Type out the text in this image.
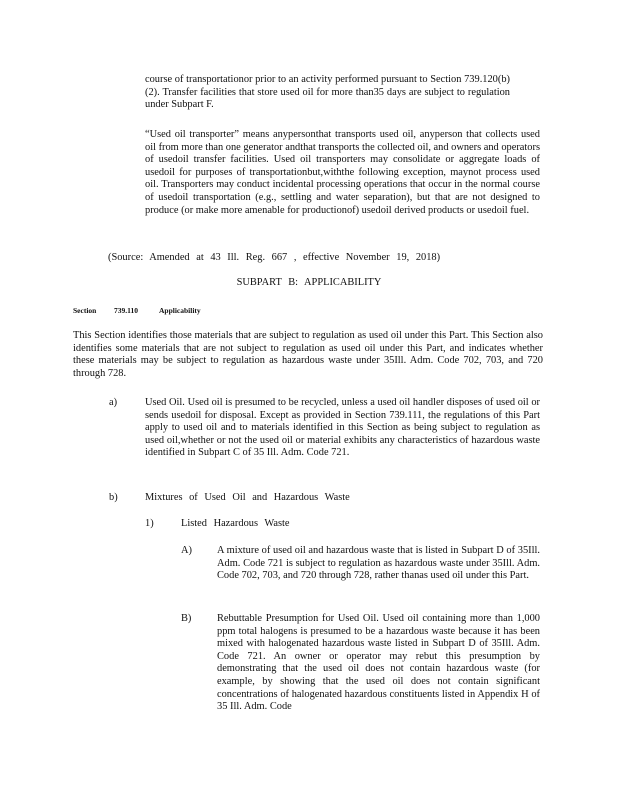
course of transportationor prior to an activity performed pursuant to Section 739.120(b)(2). Transfer facilities that store used oil for more than35 days are subject to regulation under Subpart F.

“Used oil transporter” means anypersonthat transports used oil, anyperson that collects used oil from more than one generator andthat transports the collected oil, and owners and operators of usedoil transfer facilities. Used oil transporters may consolidate or aggregate loads of usedoil for purposes of transportationbut,withthe following exception, maynot process used oil. Transporters may conduct incidental processing operations that occur in the normal course of usedoil transportation (e.g., settling and water separation), but that are not designed to produce (or make more amenable for productionof) usedoil derived products or usedoil fuel.

(Source: Amended at 43 Ill. Reg. 667 , effective November 19, 2018)

SUBPART B: APPLICABILITY
Section 739.110	Applicability

This Section identifies those materials that are subject to regulation as used oil under this Part. This Section also identifies some materials that are not subject to regulation as used oil under this Part, and indicates whether these materials may be subject to regulation as hazardous waste under 35Ill. Adm. Code 702, 703, and 720 through 728.

a)	Used Oil. Used oil is presumed to be recycled, unless a used oil handler disposes of used oil or sends usedoil for disposal. Except as provided in Section 739.111, the regulations of this Part apply to used oil and to materials identified in this Section as being subject to regulation as used oil,whether or not the used oil or material exhibits any characteristics of hazardous waste identified in Subpart C of 35 Ill. Adm. Code 721.

b)	Mixtures of Used Oil and Hazardous Waste
1)	Listed Hazardous Waste
A) A mixture of used oil and hazardous waste that is listed in Subpart D of 35Ill. Adm. Code 721 is subject to regulation as hazardous waste under 35Ill. Adm. Code 702, 703, and 720 through 728, rather thanas used oil under this Part.

B) Rebuttable Presumption for Used Oil. Used oil containing more than 1,000 ppm total halogens is presumed to be a hazardous waste because it has been mixed with halogenated hazardous waste listed in Subpart D of 35Ill. Adm. Code 721. An owner or operator may rebut this presumption by demonstrating that the used oil does not contain hazardous waste (for example, by showing that the used oil does not contain significant concentrations of halogenated hazardous constituents listed in Appendix H of 35 Ill. Adm. Code
